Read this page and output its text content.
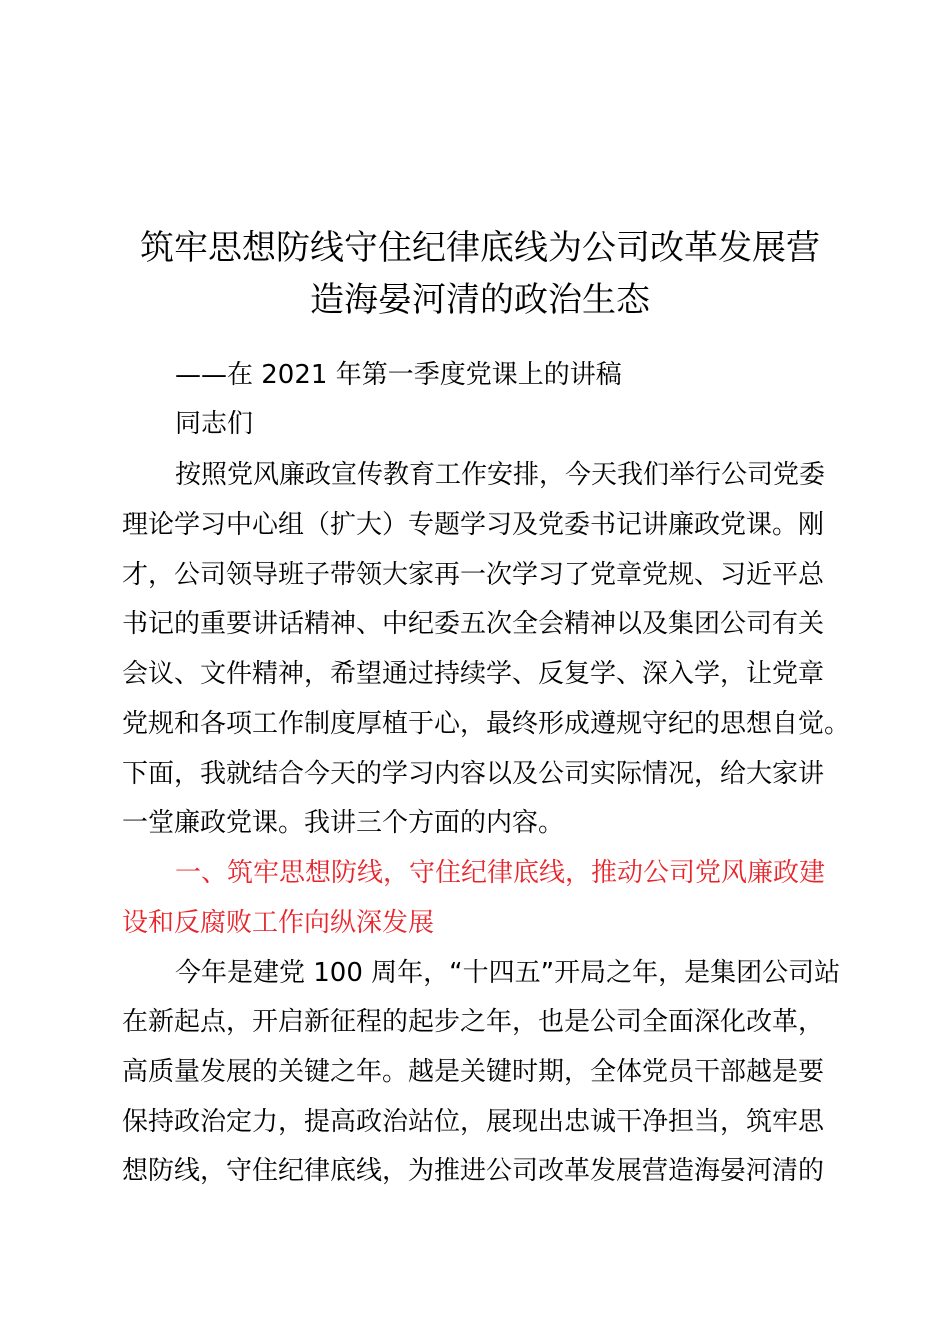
筑牢思想防线守住纪律底线为公司改革发展营
造海晏河清的政治生态

——在 2021 年第一季度党课上的讲稿

同志们

按照党风廉政宣传教育工作安排，今天我们举行公司党委

理论学习中心组（扩大）专题学习及党委书记讲廉政党课。刚

才，公司领导班子带领大家再一次学习了党章党规、习近平总

书记的重要讲话精神、中纪委五次全会精神以及集团公司有关

会议、文件精神，希望通过持续学、反复学、深入学，让党章

党规和各项工作制度厚植于心，最终形成遵规守纪的思想自觉。

下面，我就结合今天的学习内容以及公司实际情况，给大家讲

一堂廉政党课。我讲三个方面的内容。

一、筑牢思想防线，守住纪律底线，推动公司党风廉政建

设和反腐败工作向纵深发展

今年是建党 100 周年，“十四五”开局之年，是集团公司站

在新起点，开启新征程的起步之年，也是公司全面深化改革，

高质量发展的关键之年。越是关键时期，全体党员干部越是要

保持政治定力，提高政治站位，展现出忠诚干净担当，筑牢思

想防线，守住纪律底线，为推进公司改革发展营造海晏河清的
